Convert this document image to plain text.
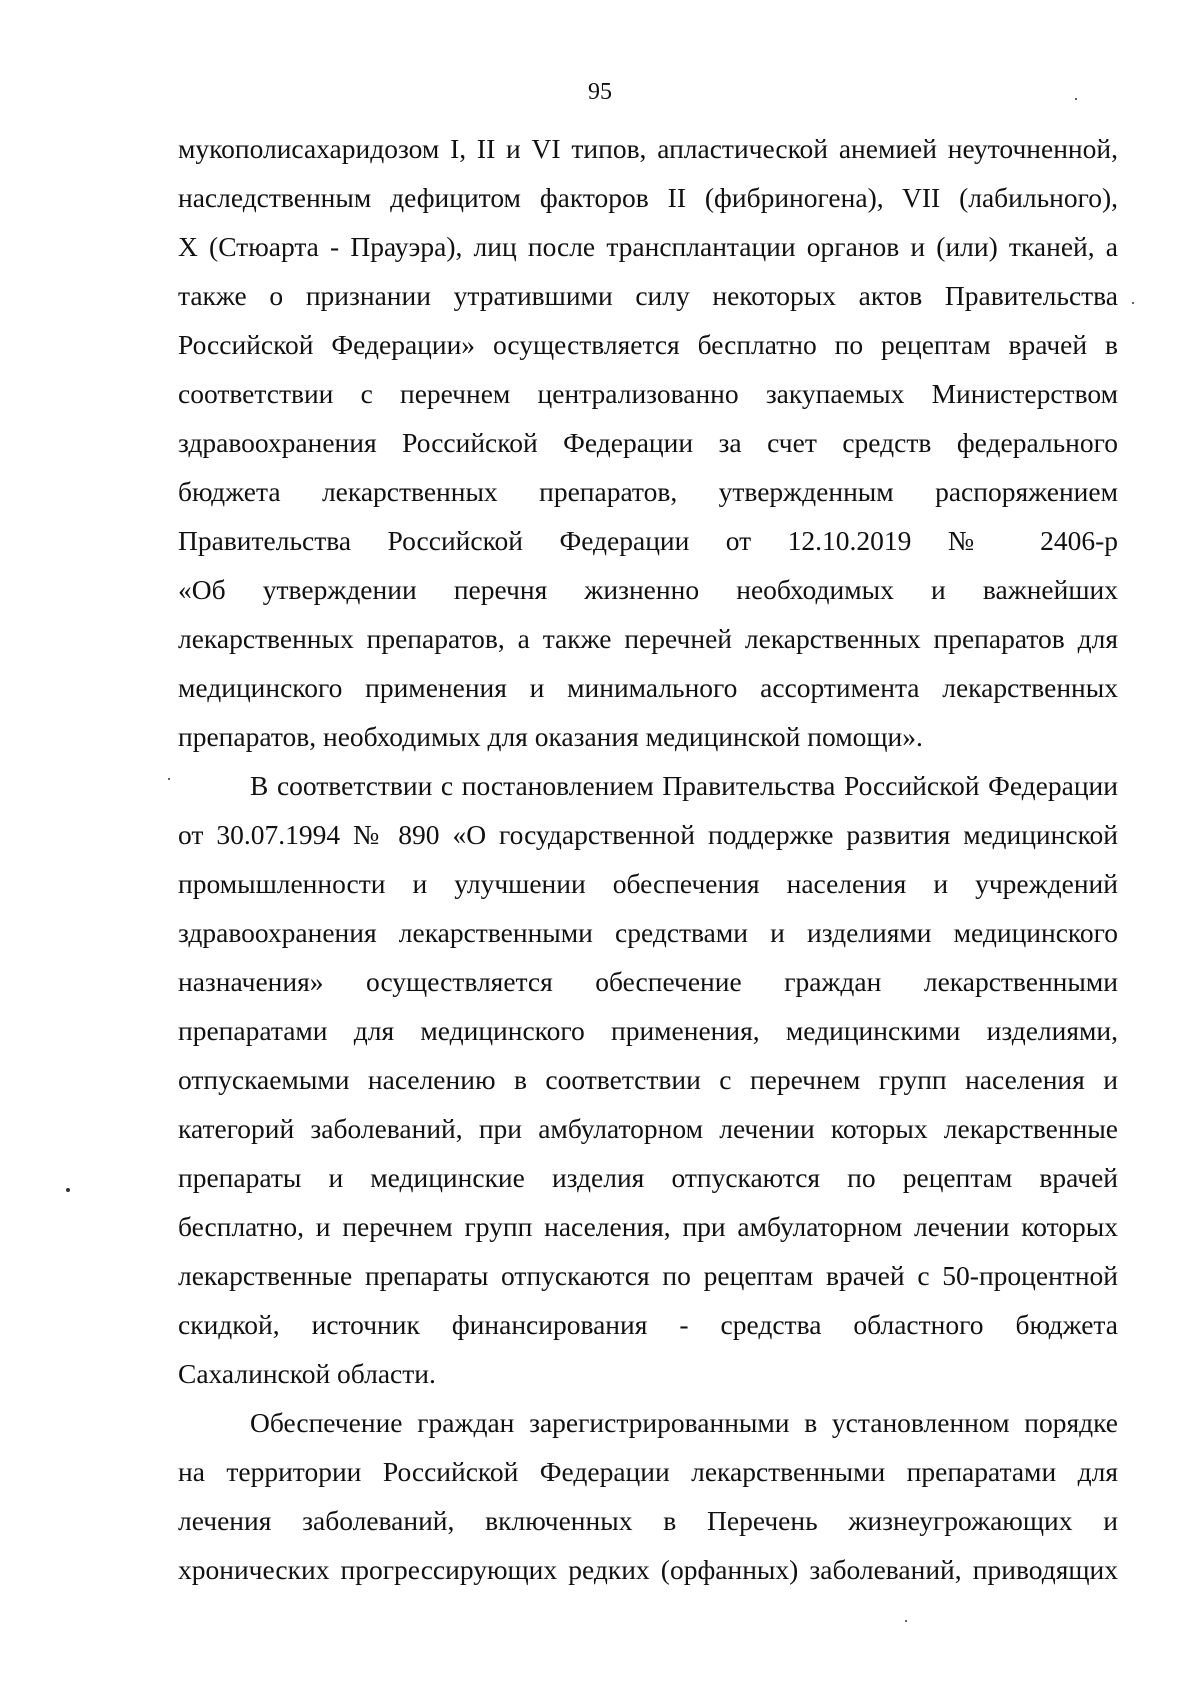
95
мукополисахаридозом I, II и VI типов, апластической анемией неуточненной,
наследственным дефицитом факторов II (фибриногена), VII (лабильного),
X (Стюарта - Прауэра), лиц после трансплантации органов и (или) тканей, а
также о признании утратившими силу некоторых актов Правительства
Российской Федерации» осуществляется бесплатно по рецептам врачей в
соответствии с перечнем централизованно закупаемых Министерством
здравоохранения Российской Федерации за счет средств федерального
бюджета лекарственных препаратов, утвержденным распоряжением
Правительства Российской Федерации от 12.10.2019 № 2406-р
«Об утверждении перечня жизненно необходимых и важнейших
лекарственных препаратов, а также перечней лекарственных препаратов для
медицинского применения и минимального ассортимента лекарственных
препаратов, необходимых для оказания медицинской помощи».
В соответствии с постановлением Правительства Российской Федерации
от 30.07.1994 № 890 «О государственной поддержке развития медицинской
промышленности и улучшении обеспечения населения и учреждений
здравоохранения лекарственными средствами и изделиями медицинского
назначения» осуществляется обеспечение граждан лекарственными
препаратами для медицинского применения, медицинскими изделиями,
отпускаемыми населению в соответствии с перечнем групп населения и
категорий заболеваний, при амбулаторном лечении которых лекарственные
препараты и медицинские изделия отпускаются по рецептам врачей
бесплатно, и перечнем групп населения, при амбулаторном лечении которых
лекарственные препараты отпускаются по рецептам врачей с 50-процентной
скидкой, источник финансирования - средства областного бюджета
Сахалинской области.
Обеспечение граждан зарегистрированными в установленном порядке
на территории Российской Федерации лекарственными препаратами для
лечения заболеваний, включенных в Перечень жизнеугрожающих и
хронических прогрессирующих редких (орфанных) заболеваний, приводящих
